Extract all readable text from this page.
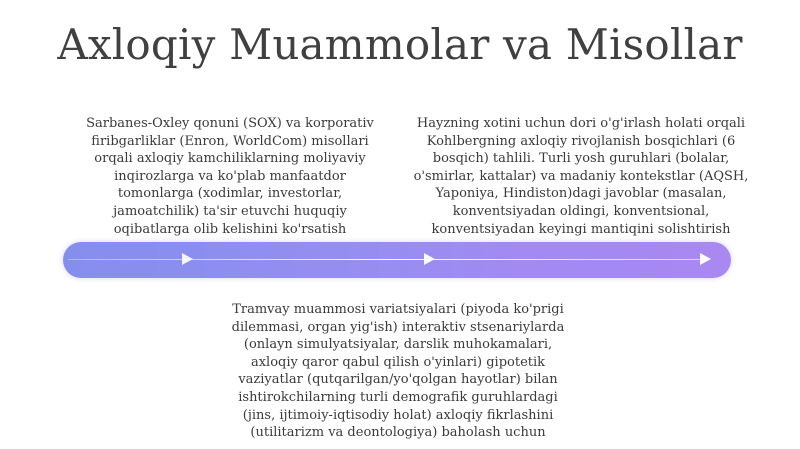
Axloqiy Muammolar va Misollar

Sarbanes-Oxley qonuni (SOX) va korporativ firibgarliklar (Enron, WorldCom) misollari orqali axloqiy kamchiliklarning moliyaviy inqirozlarga va ko'plab manfaatdor tomonlarga (xodimlar, investorlar, jamoatchilik) ta'sir etuvchi huquqiy oqibatlarga olib kelishini ko'rsatish

Hayzning xotini uchun dori o'g'irlash holati orqali Kohlbergning axloqiy rivojlanish bosqichlari (6 bosqich) tahlili. Turli yosh guruhlari (bolalar, o'smirlar, kattalar) va madaniy kontekstlar (AQSH, Yaponiya, Hindiston)dagi javoblar (masalan, konventsiyadan oldingi, konventsional, konventsiyadan keyingi mantiqini solishtirish

Tramvay muammosi variatsiyalari (piyoda ko'prigi dilemmasi, organ yig'ish) interaktiv stsenariylarda (onlayn simulyatsiyalar, darslik muhokamalari, axloqiy qaror qabul qilish o'yinlari) gipotetik vaziyatlar (qutqarilgan/yo'qolgan hayotlar) bilan ishtirokchilarning turli demografik guruhlardagi (jins, ijtimoiy-iqtisodiy holat) axloqiy fikrlashini (utilitarizm va deontologiya) baholash uchun
